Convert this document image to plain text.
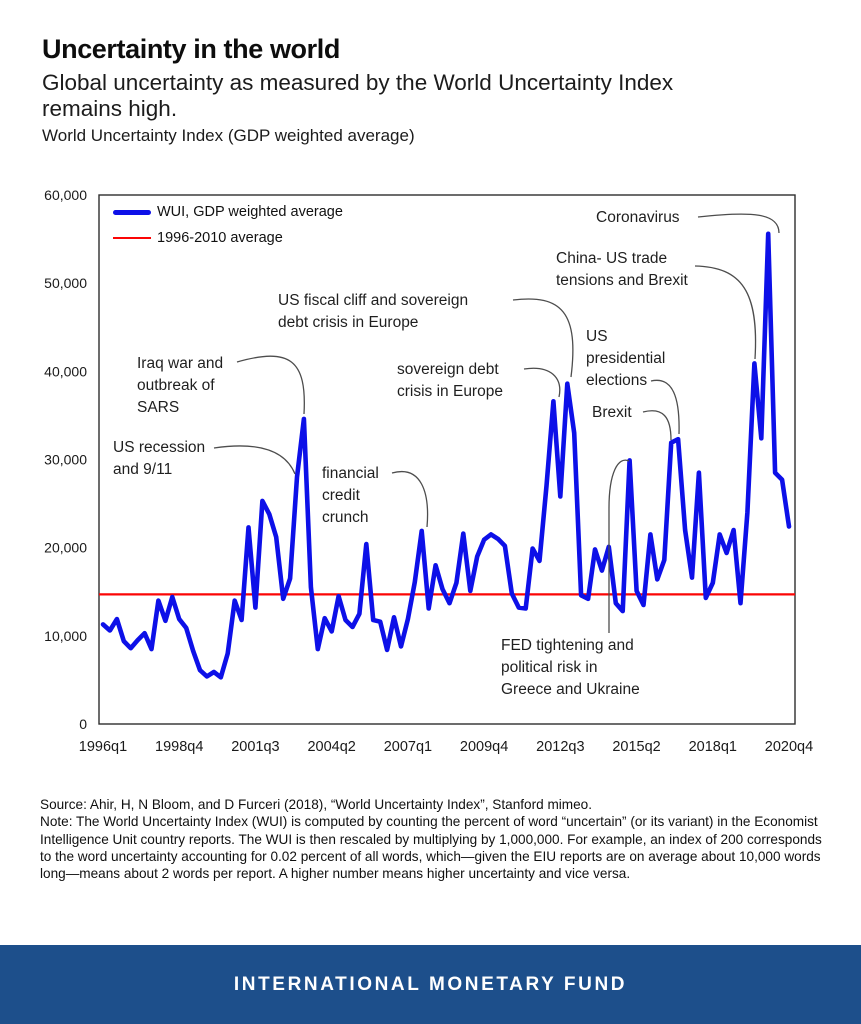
Uncertainty in the world

Global uncertainty as measured by the World Uncertainty Index
remains high.

World Uncertainty Index (GDP weighted average)

0
10,000
20,000
30,000
40,000
50,000
60,000
1996q1 1998q4 2001q3 2004q2 2007q1 2009q4 2012q3 2015q2 2018q1 2020q4
US recession and 9/11
Iraq war and outbreak of SARS
US fiscal cliff and sovereign debt crisis in Europe
sovereign debt crisis in Europe
financial credit crunch
Coronavirus
China- US trade tensions and Brexit
US presidential elections
Brexit
FED tightening and political risk in Greece and Ukraine
WUI, GDP weighted average
1996-2010 average

Source: Ahir, H, N Bloom, and D Furceri (2018), “World Uncertainty Index”, Stanford mimeo.

Note: The World Uncertainty Index (WUI) is computed by counting the percent of word “uncertain” (or its variant) in the Economist Intelligence Unit country reports. The WUI is then rescaled by multiplying by 1,000,000. For example, an index of 200 corresponds to the word uncertainty accounting for 0.02 percent of all words, which—given the EIU reports are on average about 10,000 words long—means about 2 words per report. A higher number means higher uncertainty and vice versa.

INTERNATIONAL MONETARY FUND
